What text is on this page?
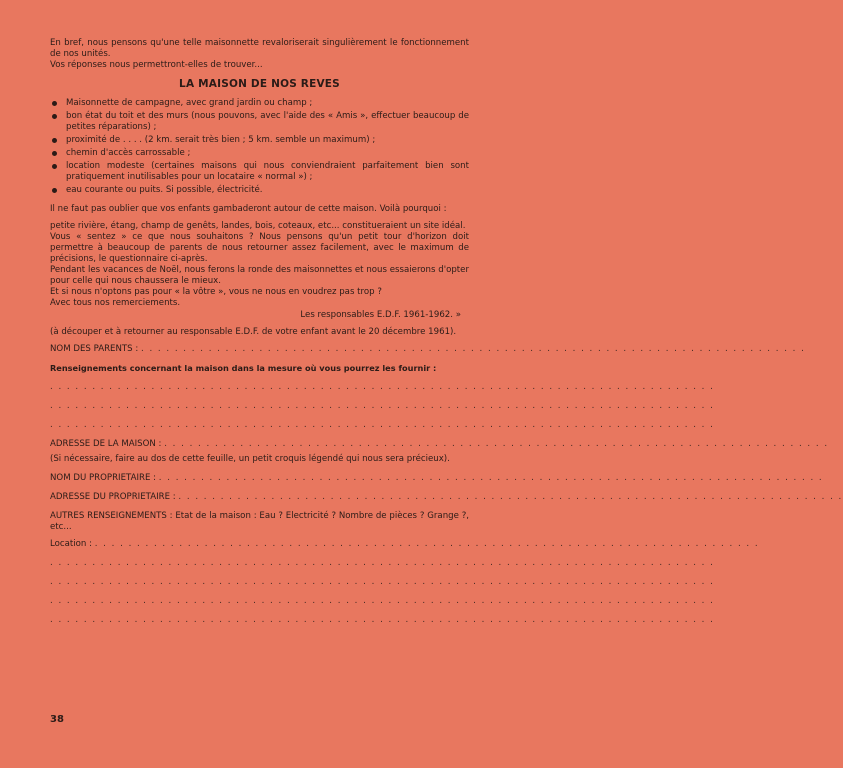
En bref, nous pensons qu'une telle maisonnette revaloriserait singulièrement le fonctionnement de nos unités.

Vos réponses nous permettront-elles de trouver...

LA MAISON DE NOS REVES
Maisonnette de campagne, avec grand jardin ou champ ;
bon état du toit et des murs (nous pouvons, avec l'aide des « Amis », effectuer beaucoup de petites réparations) ;
proximité de . . . . (2 km. serait très bien ; 5 km. semble un maximum) ;
chemin d'accès carrossable ;
location modeste (certaines maisons qui nous conviendraient parfaitement bien sont pratiquement inutilisables pour un locataire « normal ») ;
eau courante ou puits. Si possible, électricité.

Il ne faut pas oublier que vos enfants gambaderont autour de cette maison. Voilà pourquoi :

petite rivière, étang, champ de genêts, landes, bois, coteaux, etc... constitueraient un site idéal.

Vous « sentez » ce que nous souhaitons ? Nous pensons qu'un petit tour d'horizon doit permettre à beaucoup de parents de nous retourner assez facilement, avec le maximum de précisions, le questionnaire ci-après.

Pendant les vacances de Noël, nous ferons la ronde des maisonnettes et nous essaierons d'opter pour celle qui nous chaussera le mieux.

Et si nous n'optons pas pour « la vôtre », vous ne nous en voudrez pas trop ?

Avec tous nos remerciements.

Les responsables E.D.F. 1961-1962. »

(à découper et à retourner au responsable E.D.F. de votre enfant avant le 20 décembre 1961).

NOM DES PARENTS : . . . . . . . . . . . . . . . . . . . . . . . . . . . . . . . . . . . . . . . . . . . . . . . . . . . . . . . . . . . . . . . . . . . . . . . . . . . . . . .

Renseignements concernant la maison dans la mesure où vous pourrez les fournir :

. . . . . . . . . . . . . . . . . . . . . . . . . . . . . . . . . . . . . . . . . . . . . . . . . . . . . . . . . . . . . . . . . . . . . . . . . . . . . . .
. . . . . . . . . . . . . . . . . . . . . . . . . . . . . . . . . . . . . . . . . . . . . . . . . . . . . . . . . . . . . . . . . . . . . . . . . . . . . . .
. . . . . . . . . . . . . . . . . . . . . . . . . . . . . . . . . . . . . . . . . . . . . . . . . . . . . . . . . . . . . . . . . . . . . . . . . . . . . . .
ADRESSE DE LA MAISON : . . . . . . . . . . . . . . . . . . . . . . . . . . . . . . . . . . . . . . . . . . . . . . . . . . . . . . . . . . . . . . . . . . . . . . . . . . . . . . .

(Si nécessaire, faire au dos de cette feuille, un petit croquis légendé qui nous sera précieux).

NOM DU PROPRIETAIRE : . . . . . . . . . . . . . . . . . . . . . . . . . . . . . . . . . . . . . . . . . . . . . . . . . . . . . . . . . . . . . . . . . . . . . . . . . . . . . . .
ADRESSE DU PROPRIETAIRE : . . . . . . . . . . . . . . . . . . . . . . . . . . . . . . . . . . . . . . . . . . . . . . . . . . . . . . . . . . . . . . . . . . . . . . . . . . . . . . .

AUTRES RENSEIGNEMENTS : Etat de la maison : Eau ? Electricité ? Nombre de pièces ? Grange ?, etc...

Location : . . . . . . . . . . . . . . . . . . . . . . . . . . . . . . . . . . . . . . . . . . . . . . . . . . . . . . . . . . . . . . . . . . . . . . . . . . . . . . .
. . . . . . . . . . . . . . . . . . . . . . . . . . . . . . . . . . . . . . . . . . . . . . . . . . . . . . . . . . . . . . . . . . . . . . . . . . . . . . .
. . . . . . . . . . . . . . . . . . . . . . . . . . . . . . . . . . . . . . . . . . . . . . . . . . . . . . . . . . . . . . . . . . . . . . . . . . . . . . .
. . . . . . . . . . . . . . . . . . . . . . . . . . . . . . . . . . . . . . . . . . . . . . . . . . . . . . . . . . . . . . . . . . . . . . . . . . . . . . .
. . . . . . . . . . . . . . . . . . . . . . . . . . . . . . . . . . . . . . . . . . . . . . . . . . . . . . . . . . . . . . . . . . . . . . . . . . . . . . .
38
